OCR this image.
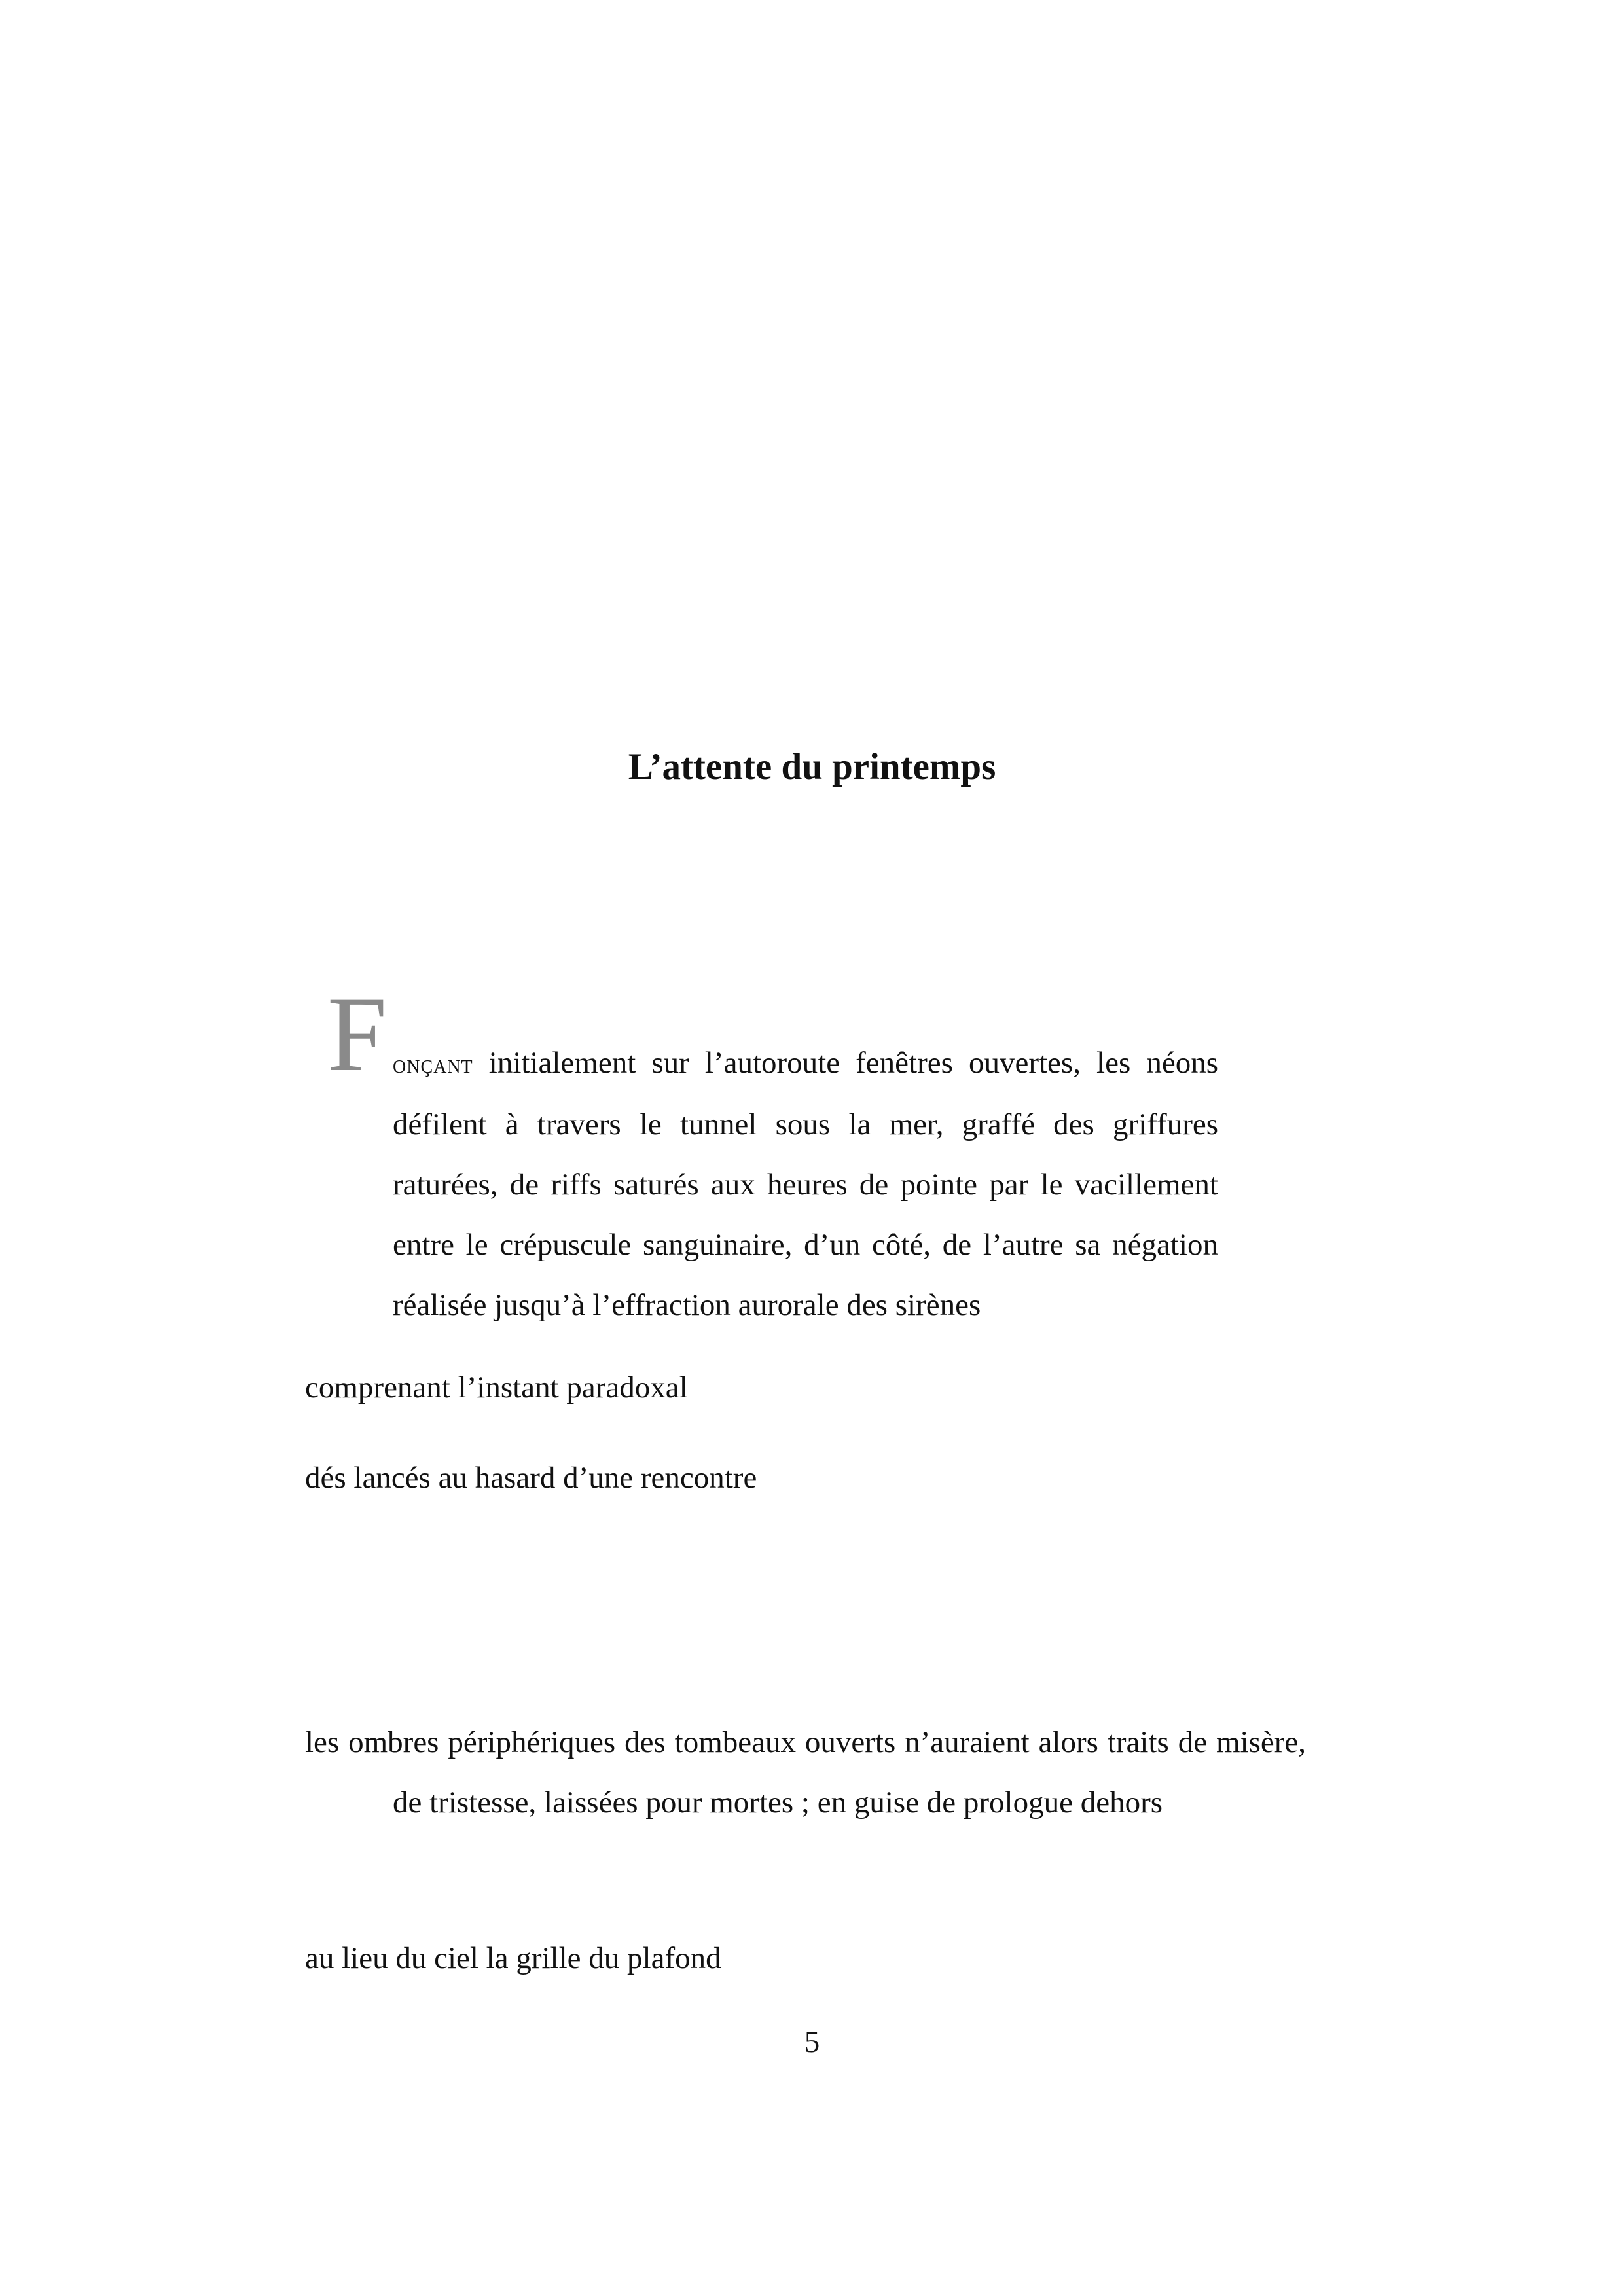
L’attente du printemps
F onçant initialement sur l’autoroute fenêtres ouvertes, les néons défilent à travers le tunnel sous la mer, graffé des griffures raturées, de riffs saturés aux heures de pointe par le vacillement entre le crépuscule sanguinaire, d’un côté, de l’autre sa négation réalisée jusqu’à l’effraction aurorale des sirènes

comprenant l’instant paradoxal

dés lancés au hasard d’une rencontre

les ombres périphériques des tombeaux ouverts n’auraient alors traits de misère, de tristesse, laissées pour mortes ; en guise de prologue dehors

au lieu du ciel la grille du plafond

5
